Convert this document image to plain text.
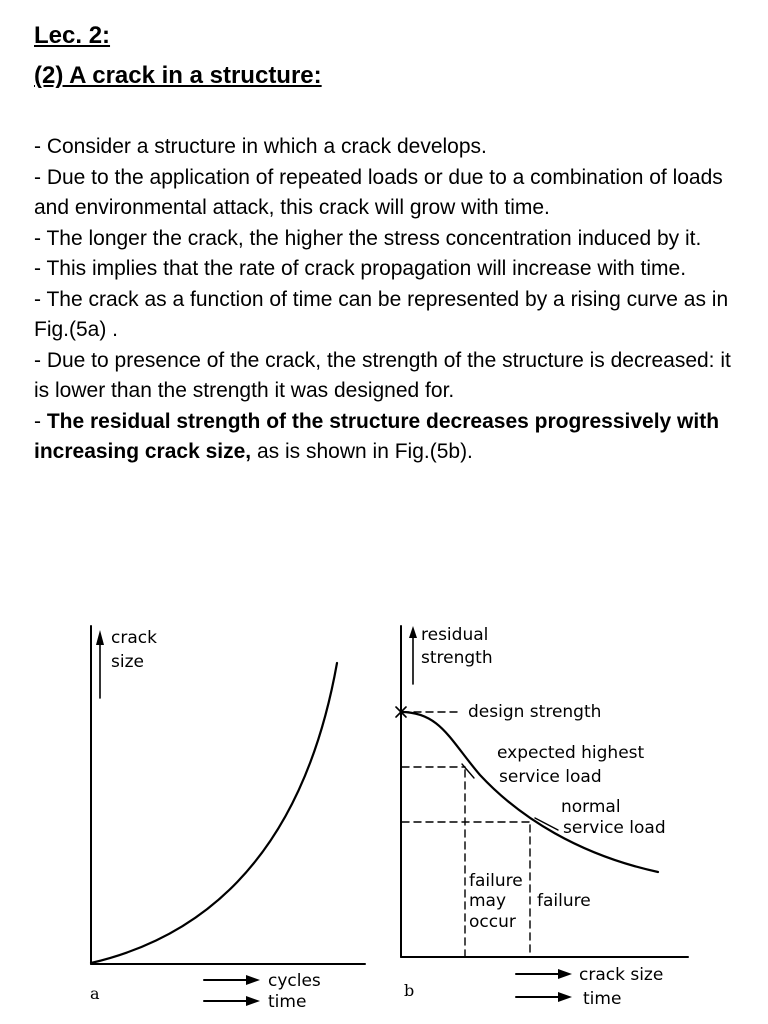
Lec. 2:
(2) A crack in a structure:

- Consider a structure in which a crack develops.

- Due to the application of repeated loads or due to a combination of loads and environmental attack, this crack will grow with time.

- The longer the crack, the higher the stress concentration induced by it.

- This implies that the rate of crack propagation will increase with time.

- The crack as a function of time can be represented by a rising curve as in Fig.(5a) .

- Due to presence of the crack, the strength of the structure is decreased: it is lower than the strength it was designed for.

- The residual strength of the structure decreases progressively with increasing crack size, as is shown in Fig.(5b).

crack
size
cycles
time
a
residual
strength
design strength
expected highest
service load
normal
service load
failure
may
occur
failure
crack size
time
b
